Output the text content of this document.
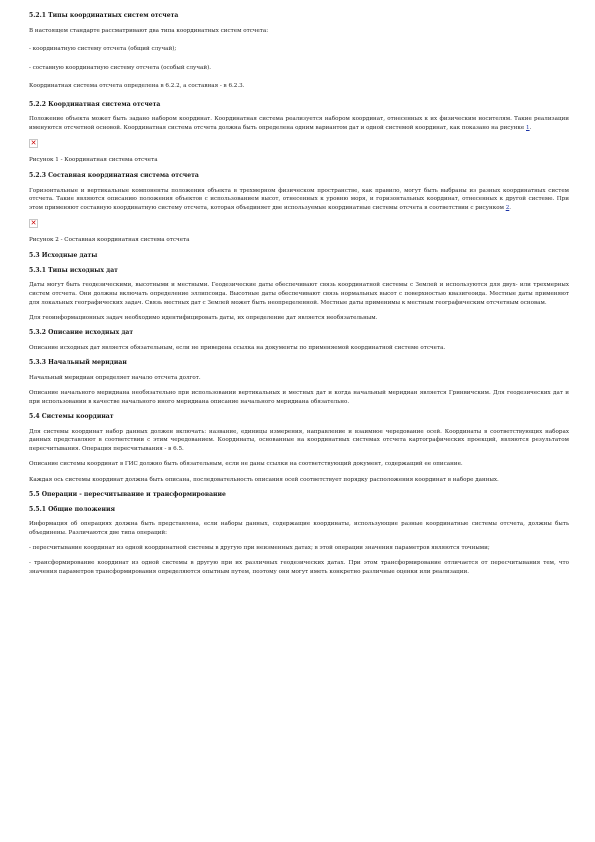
5.2.1 Типы координатных систем отсчета
В настоящем стандарте рассматривают два типа координатных систем отсчета:
- координатную систему отсчета (общий случай);
- составную координатную систему отсчета (особый случай).
Координатная система отсчета определена в 6.2.2, а составная - в 6.2.3.
5.2.2 Координатная система отсчета
Положение объекта может быть задано набором координат. Координатная система реализуется набором координат, отнесенных к их физическим носителям. Такие реализации именуются отсчетной основой. Координатная система отсчета должна быть определена одним вариантом дат и одной системой координат, как показано на рисунке 1.
✕
Рисунок 1 - Координатная система отсчета
5.2.3 Составная координатная система отсчета
Горизонтальные и вертикальные компоненты положения объекта в трехмерном физическом пространстве, как правило, могут быть выбраны из разных координатных систем отсчета. Такие являются описанию положения объектов с использованием высот, отнесенных к уровню моря, и горизонтальных координат, отнесенных к другой системе. При этом применяют составную координатную систему отсчета, которая объединяет две используемые координатные системы отсчета в соответствии с рисунком 2.
✕
Рисунок 2 - Составная координатная система отсчета
5.3 Исходные даты
5.3.1 Типы исходных дат
Даты могут быть геодезическими, высотными и местными. Геодезические даты обеспечивают связь координатной системы с Землей и используются для двух- или трехмерных систем отсчета. Они должны включать определение эллипсоида. Высотные даты обеспечивают связь нормальных высот с поверхностью квазигеоида. Местные даты применяют для локальных географических задач. Связь местных дат с Землей может быть неопределенной. Местные даты применимы к местным географическим отсчетным основам.
Для геоинформационных задач необходимо идентифицировать даты, их определение дат является необязательным.
5.3.2 Описание исходных дат
Описание исходных дат является обязательным, если не приведена ссылка на документы по применяемой координатной системе отсчета.
5.3.3 Начальный меридиан
Начальный меридиан определяет начало отсчета долгот.
Описание начального меридиана необязательно при использовании вертикальных и местных дат и когда начальный меридиан является Гринвичским. Для геодезических дат и при использовании в качестве начального иного меридиана описание начального меридиана обязательно.
5.4 Системы координат
Для системы координат набор данных должен включать: название, единицы измерения, направление и взаимное чередование осей. Координаты в соответствующих наборах данных представляют в соответствии с этим чередованием. Координаты, основанные на координатных системах отсчета картографических проекций, являются результатом пересчитывания. Операция пересчитывания - в 6.5.
Описание системы координат в ГИС должно быть обязательным, если не даны ссылки на соответствующий документ, содержащий ее описание.
Каждая ось системы координат должна быть описана, последовательность описания осей соответствует порядку расположения координат в наборе данных.
5.5 Операции - пересчитывание и трансформирование
5.5.1 Общие положения
Информация об операциях должна быть представлена, если наборы данных, содержащие координаты, использующие разные координатные системы отсчета, должны быть объединены. Различаются две типа операций:
- пересчитывание координат из одной координатной системы в другую при неизменных датах; в этой операции значения параметров являются точными;
- трансформирование координат из одной системы в другую при их различных геодезических датах. При этом трансформирование отличается от пересчитывания тем, что значения параметров трансформирования определяются опытным путем, поэтому они могут иметь конкретно различные оценки или реализации.
